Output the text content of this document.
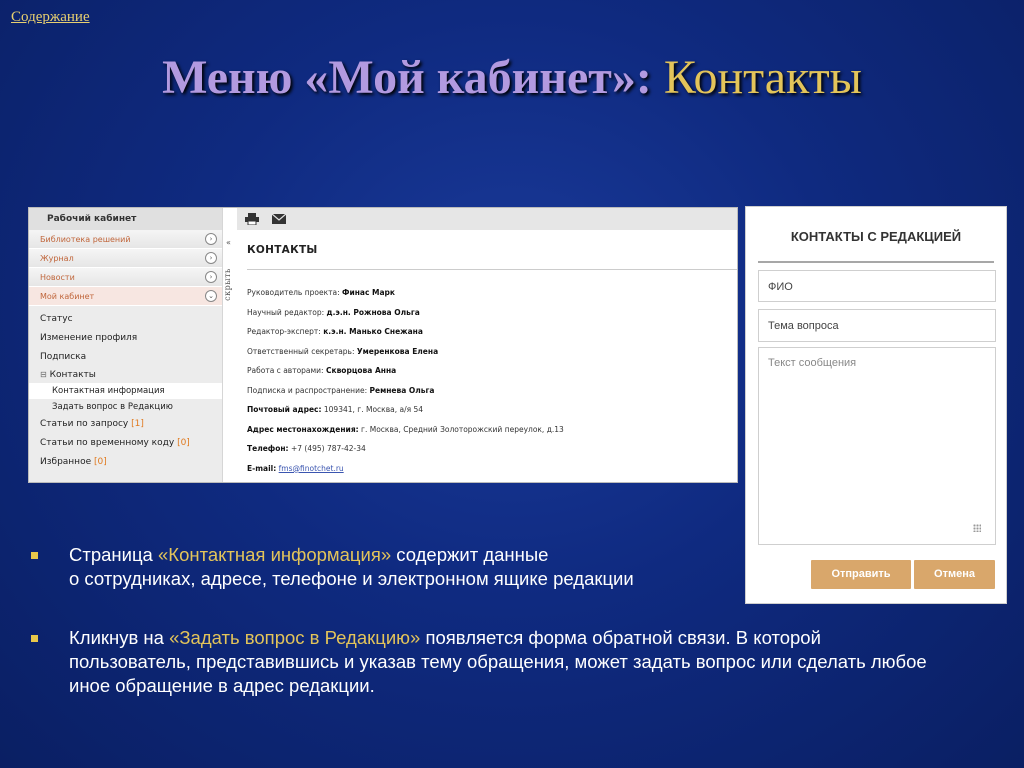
Содержание
Меню «Мой кабинет»: Контакты
Рабочий кабинет
Библиотека решений	›
Журнал	›
Новости	›
Мой кабинет	⌄
Статус
Изменение профиля
Подписка
⊟ Контакты
Контактная информация
Задать вопрос в Редакцию
Статьи по запросу [1]
Статьи по временному коду [0]
Избранное [0]
«
скрыть
КОНТАКТЫ
Руководитель проекта: Финас Марк
Научный редактор: д.э.н. Рожнова Ольга
Редактор-эксперт: к.э.н. Манько Снежана
Ответственный секретарь: Умеренкова Елена
Работа с авторами: Скворцова Анна
Подписка и распространение: Ремнева Ольга
Почтовый адрес: 109341, г. Москва, а/я 54
Адрес местонахождения: г. Москва, Средний Золоторожский переулок, д.13
Телефон: +7 (495) 787-42-34
E-mail: fms@finotchet.ru
КОНТАКТЫ С РЕДАКЦИЕЙ
ФИО
Тема вопроса
Текст сообщения
Отправить	Отмена
Страница «Контактная информация» содержит данные
о сотрудниках, адресе, телефоне и электронном ящике редакции
Кликнув на «Задать вопрос в Редакцию» появляется форма обратной связи. В которой пользователь, представившись и указав тему обращения, может задать вопрос или сделать любое иное обращение в адрес редакции.
